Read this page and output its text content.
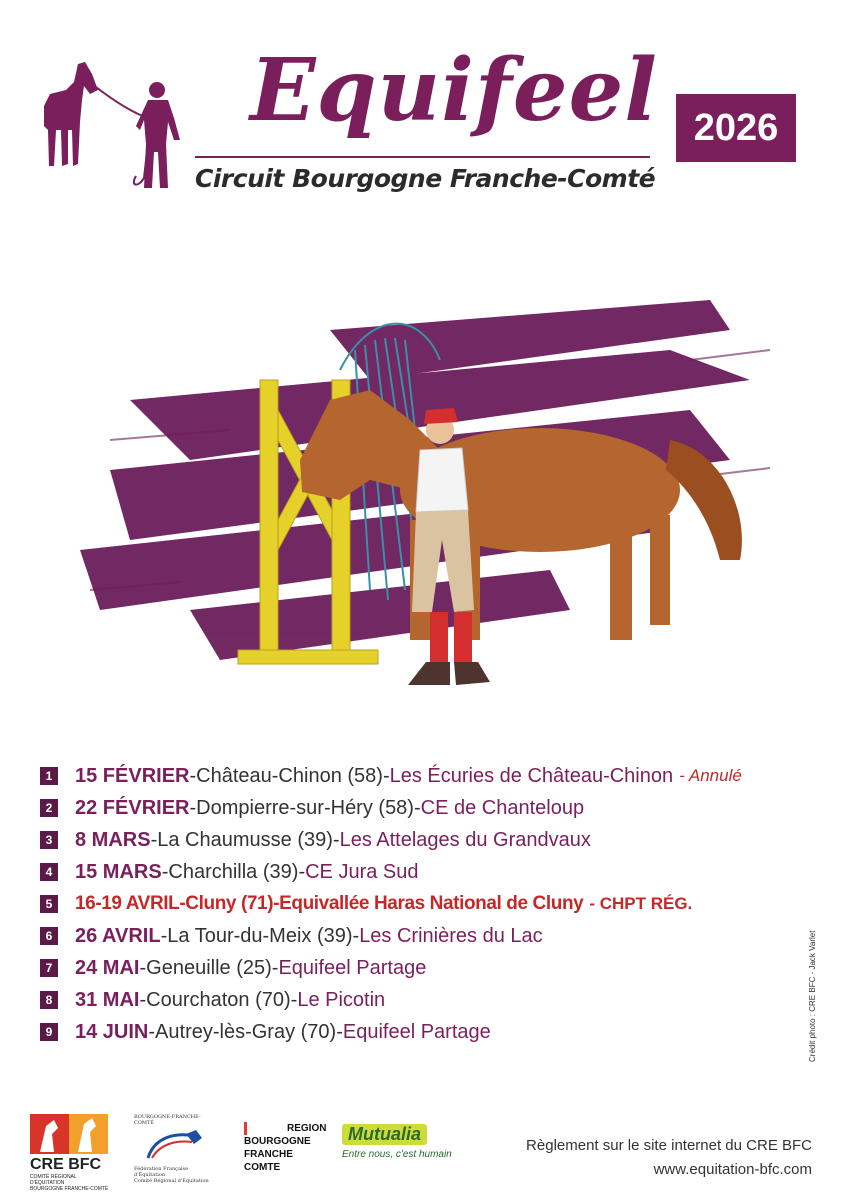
Equifeel
Circuit Bourgogne Franche-Comté
2026
1 15 FÉVRIER - Château-Chinon (58) - Les Écuries de Château-Chinon - Annulé
2 22 FÉVRIER - Dompierre-sur-Héry (58) - CE de Chanteloup
3 8 MARS - La Chaumusse (39) - Les Attelages du Grandvaux
4 15 MARS - Charchilla (39) - CE Jura Sud
5 16-19 AVRIL - Cluny (71) - Equivallée Haras National de Cluny - CHPT RÉG.
6 26 AVRIL - La Tour-du-Meix (39) - Les Crinières du Lac
7 24 MAI - Geneuille (25) - Equifeel Partage
8 31 MAI - Courchaton (70) - Le Picotin
9 14 JUIN - Autrey-lès-Gray (70) - Equifeel Partage	Crédit photo : CRE BFC - Jack Varlet
CRE BFC
COMITÉ RÉGIONAL D'ÉQUITATION
BOURGOGNE FRANCHE-COMTÉ
BOURGOGNE-FRANCHE-COMTÉ
Fédération Française d'Équitation
Comité Régional d'Équitation
REGION
BOURGOGNE
FRANCHE
COMTE
Mutualia
Entre nous, c'est humain
Règlement sur le site internet du CRE BFC
www.equitation-bfc.com
